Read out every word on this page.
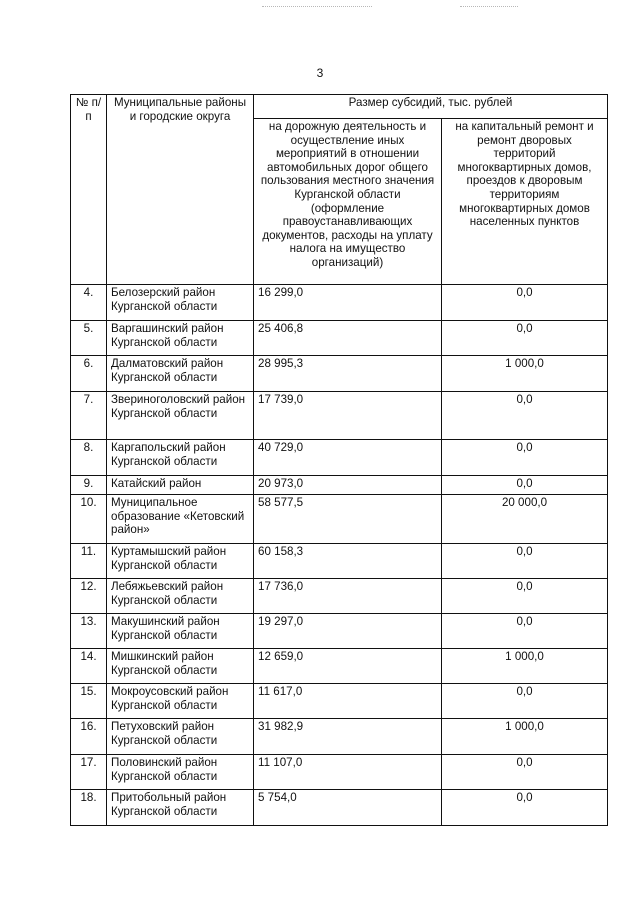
3
№ п/п	Муниципальные районы и городские округа	Размер субсидий, тыс. рублей	
		на дорожную деятельность и осуществление иных мероприятий в отношении автомобильных дорог общего пользования местного значения Курганской области (оформление правоустанавливающих документов, расходы на уплату налога на имущество организаций)	на капитальный ремонт и ремонт дворовых территорий многоквартирных домов, проездов к дворовым территориям многоквартирных домов населенных пунктов
4.	Белозерский район Курганской области	16 299,0	0,0
5.	Варгашинский район Курганской области	25 406,8	0,0
6.	Далматовский район Курганской области	28 995,3	1 000,0
7.	Звериноголовский район Курганской области	17 739,0	0,0
8.	Каргапольский район Курганской области	40 729,0	0,0
9.	Катайский район	20 973,0	0,0
10.	Муниципальное образование «Кетовский район»	58 577,5	20 000,0
11.	Куртамышский район Курганской области	60 158,3	0,0
12.	Лебяжьевский район Курганской области	17 736,0	0,0
13.	Макушинский район Курганской области	19 297,0	0,0
14.	Мишкинский район Курганской области	12 659,0	1 000,0
15.	Мокроусовский район Курганской области	11 617,0	0,0
16.	Петуховский район Курганской области	31 982,9	1 000,0
17.	Половинский район Курганской области	11 107,0	0,0
18.	Притобольный район Курганской области	5 754,0	0,0
